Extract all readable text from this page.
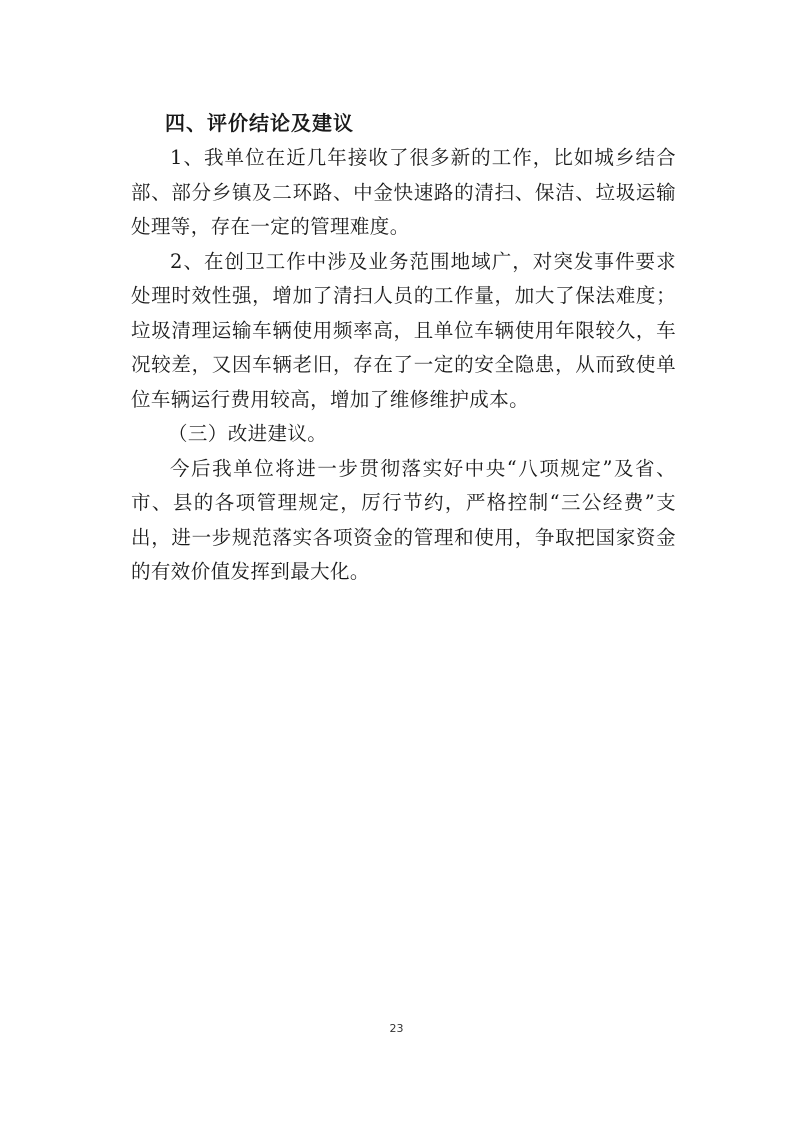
四、评价结论及建议

1、我单位在近几年接收了很多新的工作，比如城乡结合部、部分乡镇及二环路、中金快速路的清扫、保洁、垃圾运输处理等，存在一定的管理难度。

2、在创卫工作中涉及业务范围地域广，对突发事件要求处理时效性强，增加了清扫人员的工作量，加大了保法难度；垃圾清理运输车辆使用频率高，且单位车辆使用年限较久，车况较差，又因车辆老旧，存在了一定的安全隐患，从而致使单位车辆运行费用较高，增加了维修维护成本。

（三）改进建议。

今后我单位将进一步贯彻落实好中央“八项规定”及省、市、县的各项管理规定，厉行节约，严格控制“三公经费”支出，进一步规范落实各项资金的管理和使用，争取把国家资金的有效价值发挥到最大化。

23
